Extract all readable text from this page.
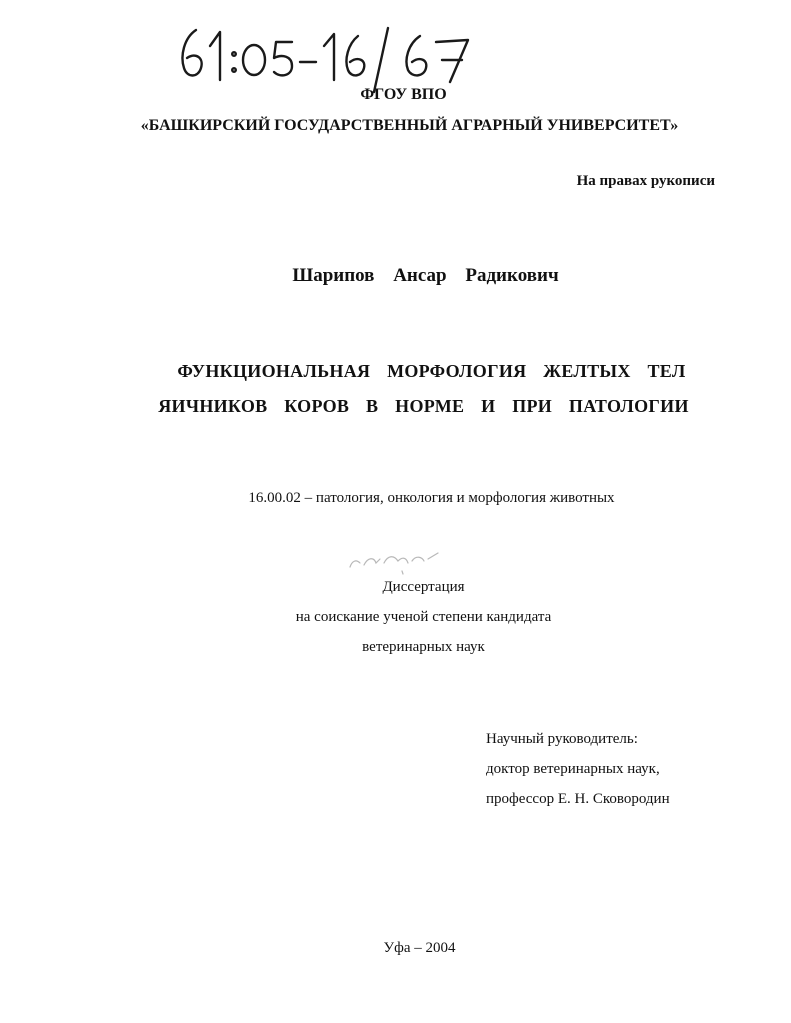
ФГОУ ВПО
«БАШКИРСКИЙ ГОСУДАРСТВЕННЫЙ АГРАРНЫЙ УНИВЕРСИТЕТ»
На правах рукописи
Шарипов Ансар Радикович
ФУНКЦИОНАЛЬНАЯ МОРФОЛОГИЯ ЖЕЛТЫХ ТЕЛ
ЯИЧНИКОВ КОРОВ В НОРМЕ И ПРИ ПАТОЛОГИИ
16.00.02 – патология, онкология и морфология животных
Диссертация
на соискание ученой степени кандидата
ветеринарных наук
Научный руководитель:
доктор ветеринарных наук,
профессор Е. Н. Сковородин
Уфа – 2004
